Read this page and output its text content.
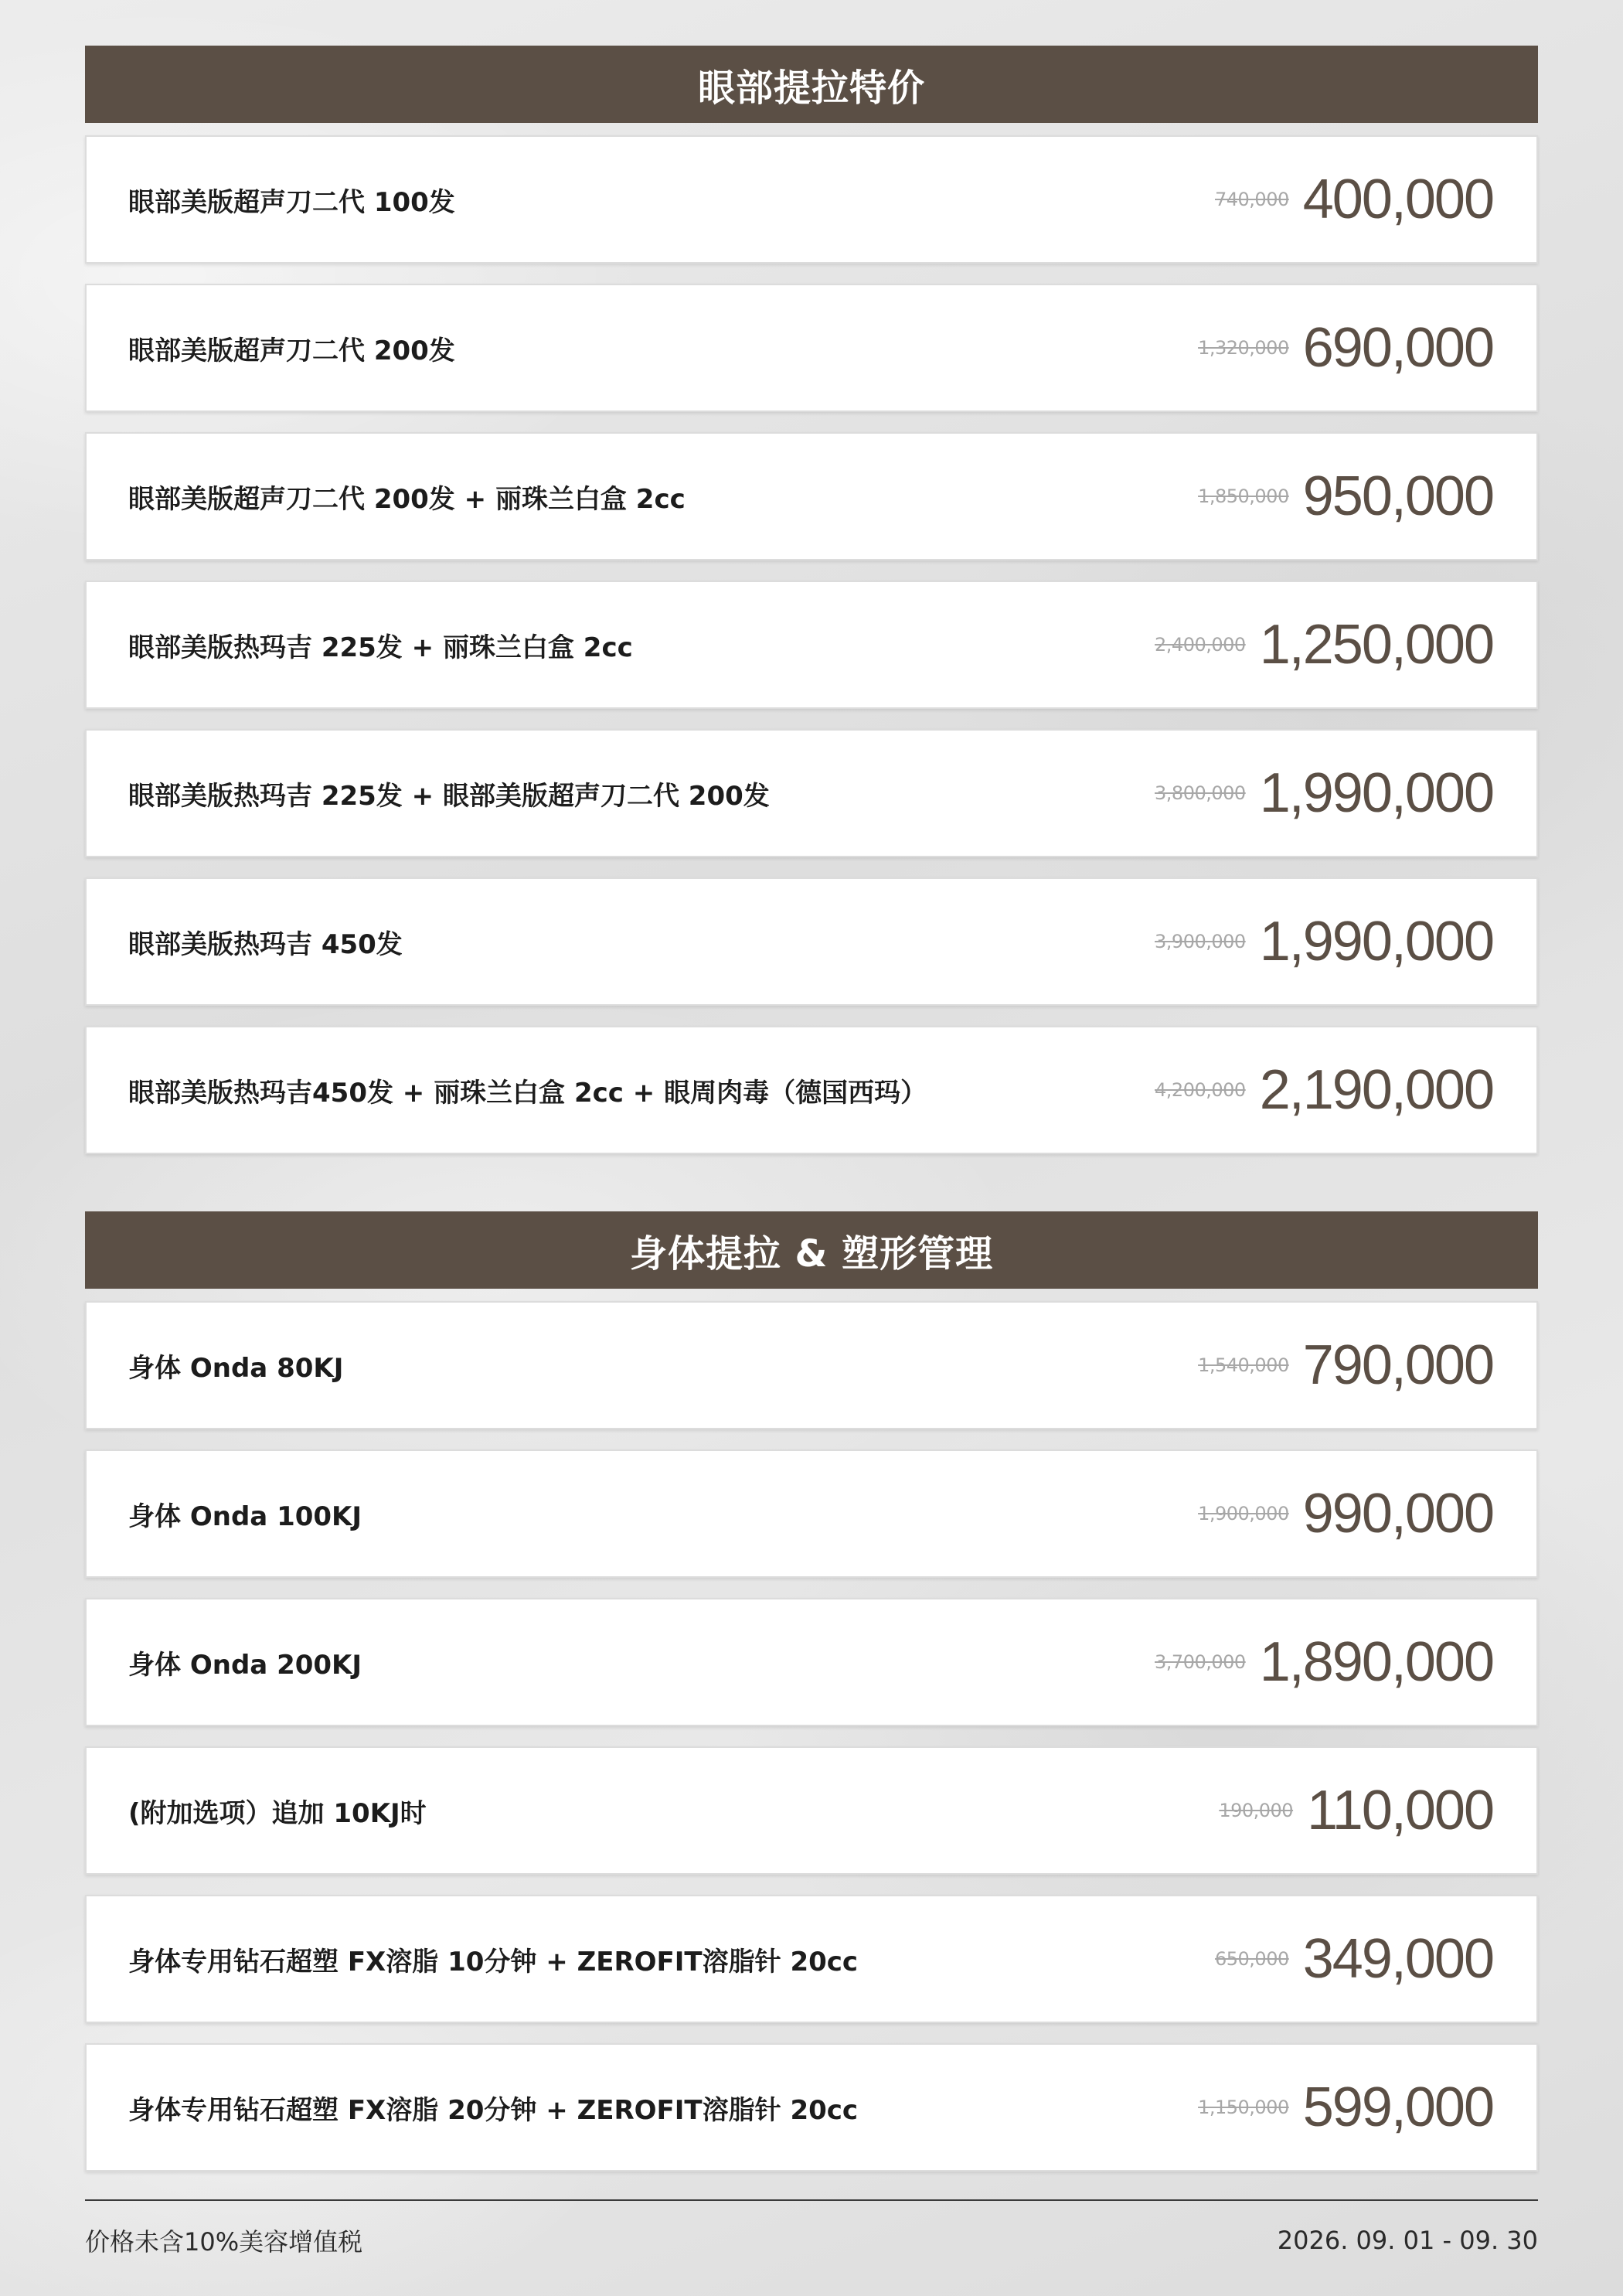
眼部提拉特价
眼部美版超声刀二代 100发	740,000 400,000
眼部美版超声刀二代 200发	1,320,000 690,000
眼部美版超声刀二代 200发 + 丽珠兰白盒 2cc	1,850,000 950,000
眼部美版热玛吉 225发 + 丽珠兰白盒 2cc	2,400,000 1,250,000
眼部美版热玛吉 225发 + 眼部美版超声刀二代 200发	3,800,000 1,990,000
眼部美版热玛吉 450发	3,900,000 1,990,000
眼部美版热玛吉450发 + 丽珠兰白盒 2cc + 眼周肉毒（德国西玛）	4,200,000 2,190,000
身体提拉 & 塑形管理
身体 Onda 80KJ	1,540,000 790,000
身体 Onda 100KJ	1,900,000 990,000
身体 Onda 200KJ	3,700,000 1,890,000
(附加选项）追加 10KJ时	190,000 110,000
身体专用钻石超塑 FX溶脂 10分钟 + ZEROFIT溶脂针 20cc	650,000 349,000
身体专用钻石超塑 FX溶脂 20分钟 + ZEROFIT溶脂针 20cc	1,150,000 599,000
价格未含10%美容增值税	2026. 09. 01 - 09. 30
